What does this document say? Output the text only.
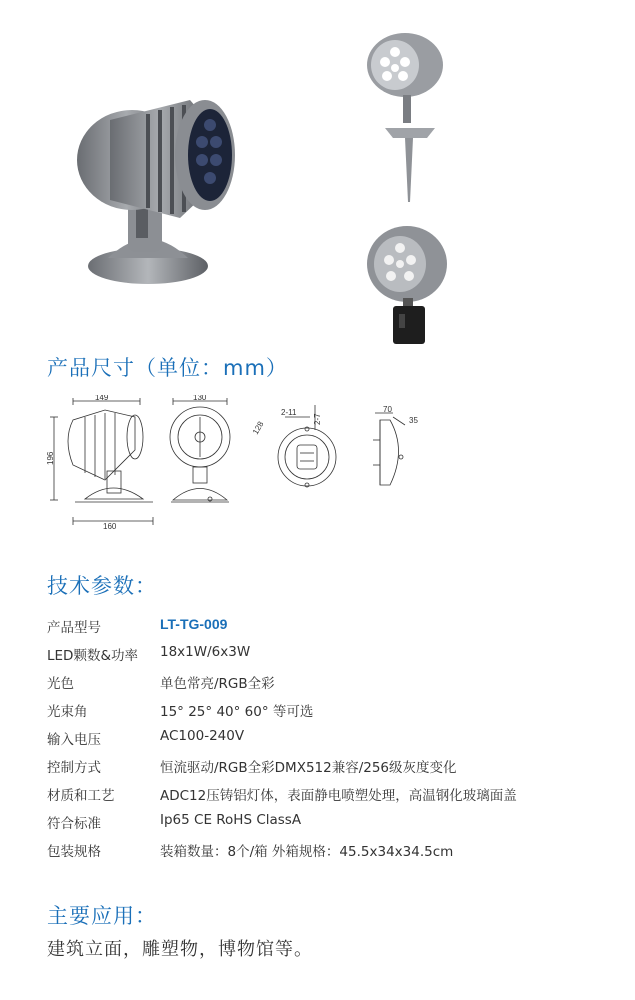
产品尺寸（单位：mm）
149
196
160
130
2-11
2-7
128
70
35
技术参数：
产品型号	LT-TG-009
LED颗数&功率 18x1W/6x3W
光色	单色常亮/RGB全彩
光束角	15° 25° 40° 60° 等可选
输入电压	AC100-240V
控制方式	恒流驱动/RGB全彩DMX512兼容/256级灰度变化
材质和工艺	ADC12压铸铝灯体，表面静电喷塑处理，高温钢化玻璃面盖
符合标准	Ip65 CE RoHS ClassA
包装规格	装箱数量：8个/箱 外箱规格：45.5x34x34.5cm
主要应用：
建筑立面，雕塑物，博物馆等。
